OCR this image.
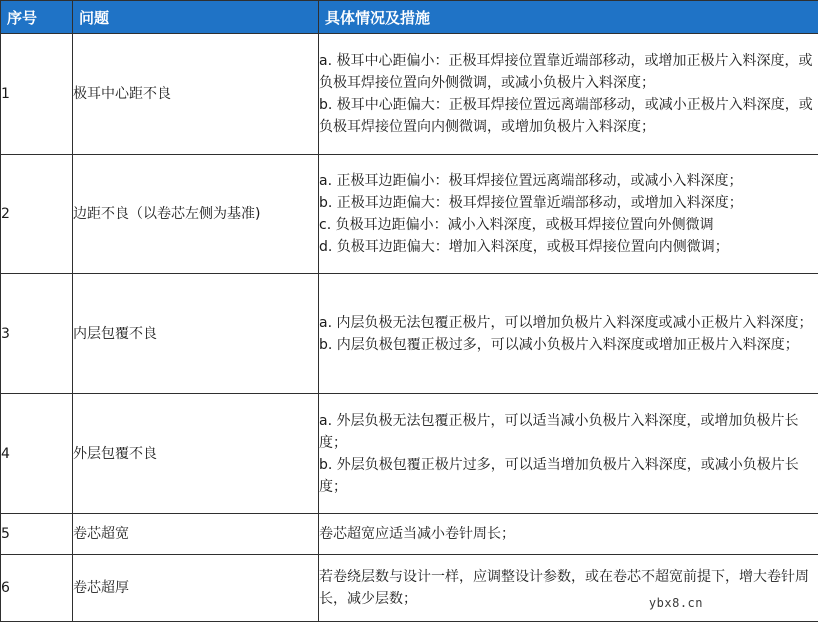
序号	问题	具体情况及措施
1	极耳中心距不良	a. 极耳中心距偏小：正极耳焊接位置靠近端部移动，或增加正极片入料深度，或负极耳焊接位置向外侧微调，或减小负极片入料深度；
b. 极耳中心距偏大：正极耳焊接位置远离端部移动，或减小正极片入料深度，或负极耳焊接位置向内侧微调，或增加负极片入料深度；

2	边距不良（以卷芯左侧为基准)	a. 正极耳边距偏小：极耳焊接位置远离端部移动，或减小入料深度；
b. 正极耳边距偏大：极耳焊接位置靠近端部移动，或增加入料深度；
c. 负极耳边距偏小：减小入料深度，或极耳焊接位置向外侧微调
d. 负极耳边距偏大：增加入料深度，或极耳焊接位置向内侧微调；

3	内层包覆不良	a. 内层负极无法包覆正极片，可以增加负极片入料深度或减小正极片入料深度；
b. 内层负极包覆正极过多，可以减小负极片入料深度或增加正极片入料深度；

4	外层包覆不良	a. 外层负极无法包覆正极片，可以适当减小负极片入料深度，或增加负极片长度；
b. 外层负极包覆正极片过多，可以适当增加负极片入料深度，或减小负极片长度；

5	卷芯超宽	卷芯超宽应适当减小卷针周长；

6	卷芯超厚	若卷绕层数与设计一样，应调整设计参数，或在卷芯不超宽前提下，增大卷针周长，减少层数；	ybx8.cn
